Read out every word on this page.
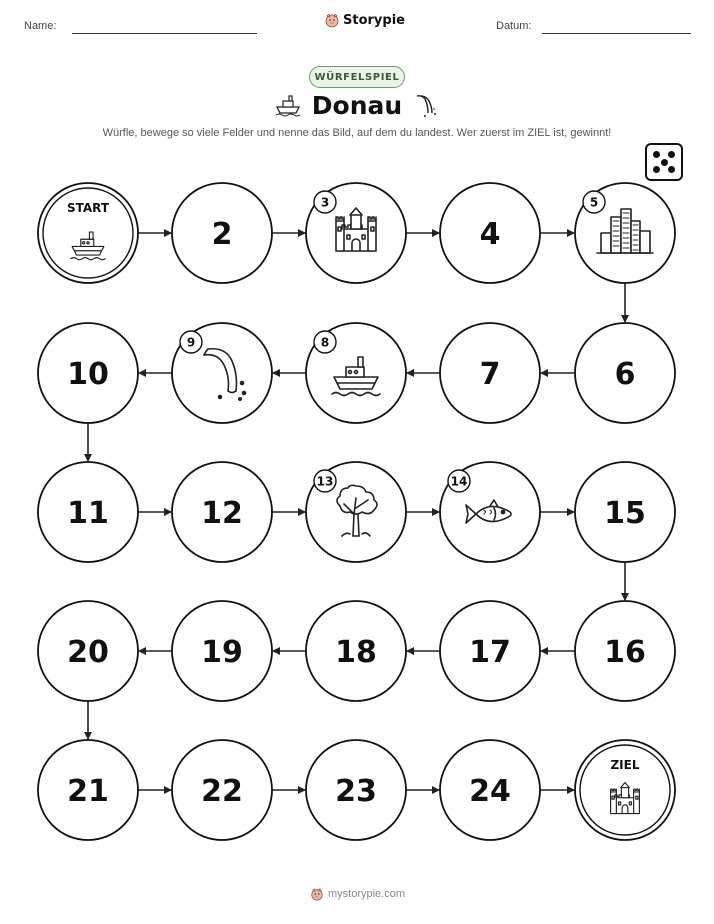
Name:	Datum:
Storypie
WÜRFELSPIEL
Donau
Würfle, bewege so viele Felder und nenne das Bild, auf dem du landest. Wer zuerst im ZIEL ist, gewinnt!
START
2
3
4
5
6
7
8
9
10
11	12
13	14
15
16
17
18
19
20
21	22	23	24
ZIEL
mystorypie.com
